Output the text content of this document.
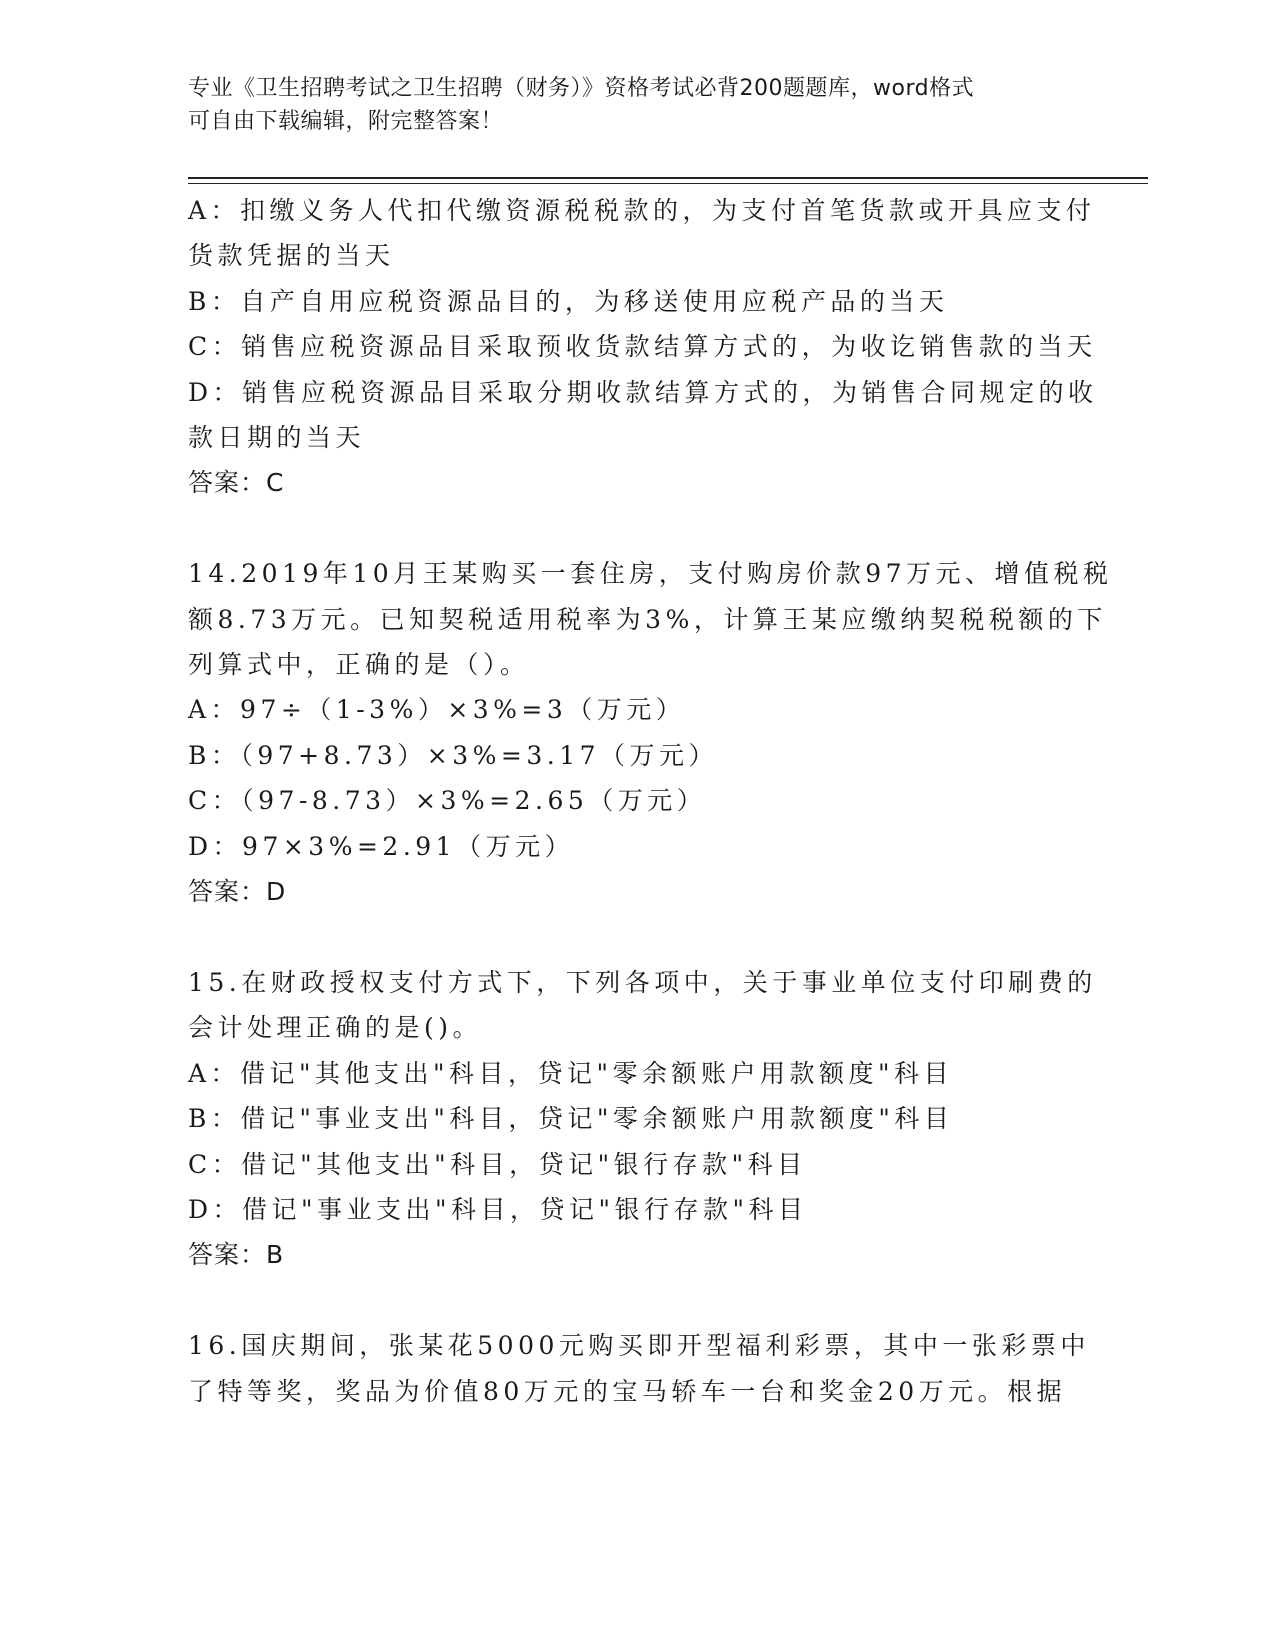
专业《卫生招聘考试之卫生招聘（财务）》资格考试必背200题题库，word格式
可自由下载编辑，附完整答案！
A：扣缴义务人代扣代缴资源税税款的，为支付首笔货款或开具应支付
货款凭据的当天
B：自产自用应税资源品目的，为移送使用应税产品的当天
C：销售应税资源品目采取预收货款结算方式的，为收讫销售款的当天
D：销售应税资源品目采取分期收款结算方式的，为销售合同规定的收
款日期的当天
答案：C
14.2019年10月王某购买一套住房，支付购房价款97万元、增值税税
额8.73万元。已知契税适用税率为3%，计算王某应缴纳契税税额的下
列算式中，正确的是（）。
A：97÷（1-3%）×3%=3（万元）
B：（97+8.73）×3%=3.17（万元）
C：（97-8.73）×3%=2.65（万元）
D：97×3%=2.91（万元）
答案：D
15.在财政授权支付方式下，下列各项中，关于事业单位支付印刷费的
会计处理正确的是()。
A：借记"其他支出"科目，贷记"零余额账户用款额度"科目
B：借记"事业支出"科目，贷记"零余额账户用款额度"科目
C：借记"其他支出"科目，贷记"银行存款"科目
D：借记"事业支出"科目，贷记"银行存款"科目
答案：B
16.国庆期间，张某花5000元购买即开型福利彩票，其中一张彩票中
了特等奖，奖品为价值80万元的宝马轿车一台和奖金20万元。根据
